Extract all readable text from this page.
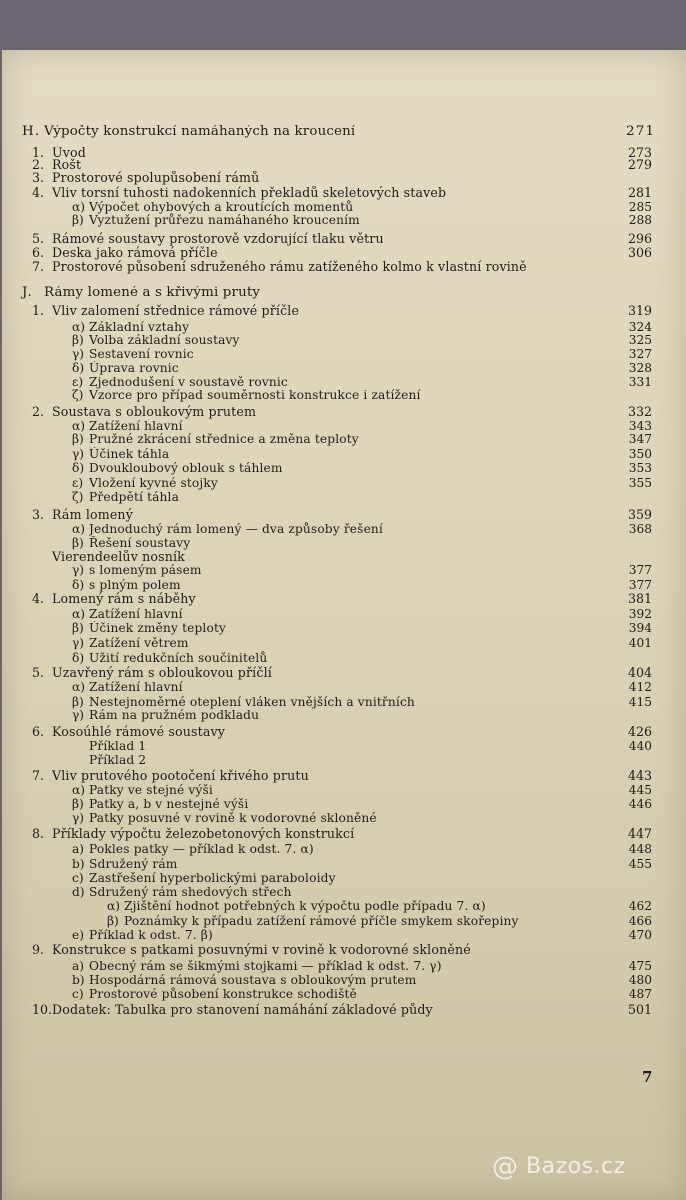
H. Výpočty konstrukcí namáhaných na kroucení	271
1. Úvod	273
2. Rošt	279
3. Prostorové spolupůsobení rámů
4. Vliv torsní tuhosti nadokenních překladů skeletových staveb	281
α) Výpočet ohybových a kroutících momentů	285
β) Vyztužení průřezu namáhaného kroucením	288
5. Rámové soustavy prostorově vzdorující tlaku větru	296
6. Deska jako rámová příčle	306
7. Prostorové působení sdruženého rámu zatíženého kolmo k vlastní rovině
J. Rámy lomené a s křivými pruty
1. Vliv zalomení střednice rámové příčle	319
α) Základní vztahy	324
β) Volba základní soustavy	325
γ) Sestavení rovnic	327
δ) Úprava rovnic	328
ε) Zjednodušení v soustavě rovnic	331
ζ) Vzorce pro případ souměrnosti konstrukce i zatížení
2. Soustava s obloukovým prutem	332
α) Zatížení hlavní	343
β) Pružné zkrácení střednice a změna teploty	347
γ) Účinek táhla	350
δ) Dvoukloubový oblouk s táhlem	353
ε) Vložení kyvné stojky	355
ζ) Předpětí táhla
3. Rám lomený	359
α) Jednoduchý rám lomený — dva způsoby řešení	368
β) Řešení soustavy
Vierendeelův nosník
γ) s lomeným pásem	377
δ) s plným polem	377
4. Lomený rám s náběhy	381
α) Zatížení hlavní	392
β) Účinek změny teploty	394
γ) Zatížení větrem	401
δ) Užití redukčních součinitelů
5. Uzavřený rám s obloukovou příčlí	404
α) Zatížení hlavní	412
β) Nestejnoměrné oteplení vláken vnějších a vnitřních	415
γ) Rám na pružném podkladu
6. Kosoúhlé rámové soustavy	426
Příklad 1	440
Příklad 2
7. Vliv prutového pootočení křivého prutu	443
α) Patky ve stejné výši	445
β) Patky a, b v nestejné výši	446
γ) Patky posuvné v rovině k vodorovné skloněné
8. Příklady výpočtu železobetonových konstrukcí	447
a) Pokles patky — příklad k odst. 7. α)	448
b) Sdružený rám	455
c) Zastřešení hyperbolickými paraboloidy
d) Sdružený rám shedových střech
α) Zjištění hodnot potřebných k výpočtu podle případu 7. α)	462
β) Poznámky k případu zatížení rámové příčle smykem skořepiny	466
e) Příklad k odst. 7. β)	470
9. Konstrukce s patkami posuvnými v rovině k vodorovné skloněné
a) Obecný rám se šikmými stojkami — příklad k odst. 7. γ)	475
b) Hospodárná rámová soustava s obloukovým prutem	480
c) Prostorové působení konstrukce schodiště	487
10. Dodatek: Tabulka pro stanovení namáhání základové půdy	501
7
@ Bazos.cz
